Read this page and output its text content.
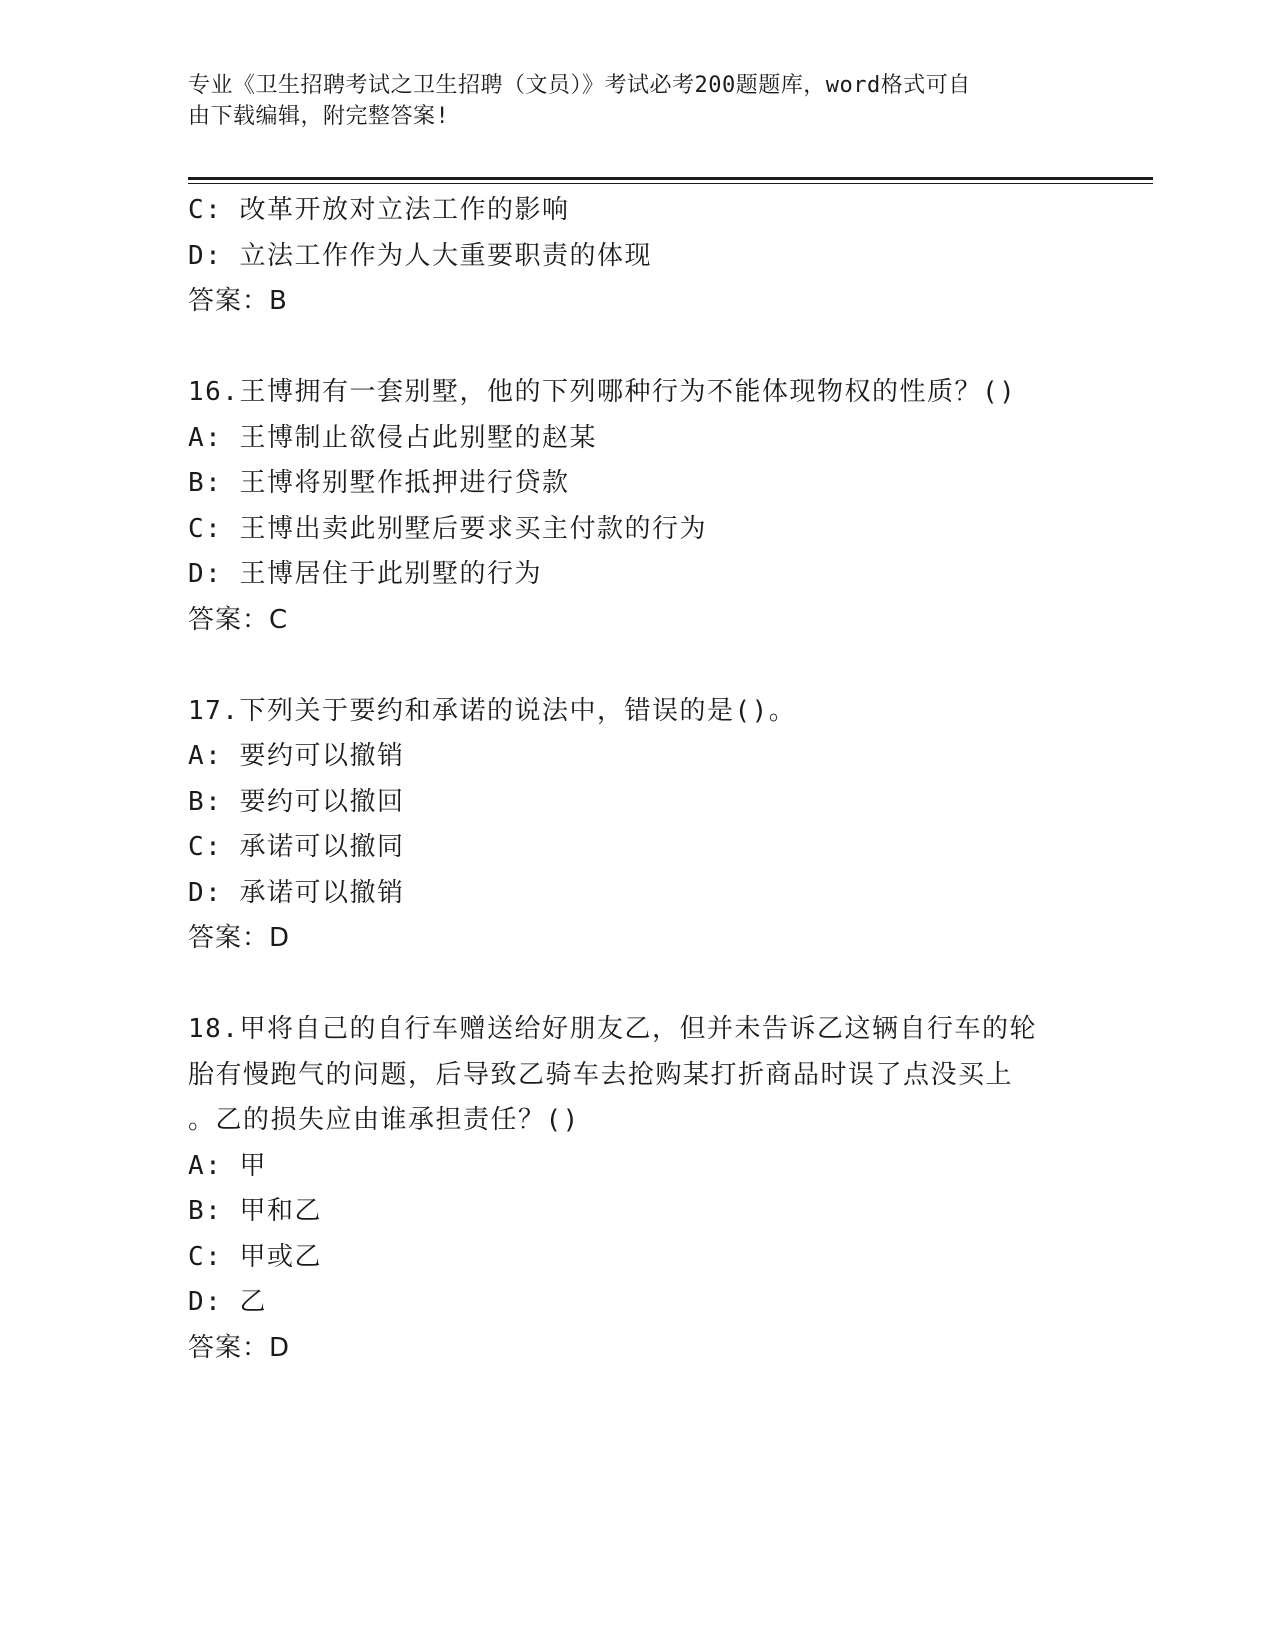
专业《卫生招聘考试之卫生招聘（文员）》考试必考200题题库，word格式可自
由下载编辑，附完整答案!
C: 改革开放对立法工作的影响
D: 立法工作作为人大重要职责的体现
答案：B
16.王博拥有一套别墅，他的下列哪种行为不能体现物权的性质？()
A: 王博制止欲侵占此别墅的赵某
B: 王博将别墅作抵押进行贷款
C: 王博出卖此别墅后要求买主付款的行为
D: 王博居住于此别墅的行为
答案：C
17.下列关于要约和承诺的说法中，错误的是()。
A: 要约可以撤销
B: 要约可以撤回
C: 承诺可以撤同
D: 承诺可以撤销
答案：D
18.甲将自己的自行车赠送给好朋友乙，但并未告诉乙这辆自行车的轮
胎有慢跑气的问题，后导致乙骑车去抢购某打折商品时误了点没买上
。乙的损失应由谁承担责任？()
A: 甲
B: 甲和乙
C: 甲或乙
D: 乙
答案：D
